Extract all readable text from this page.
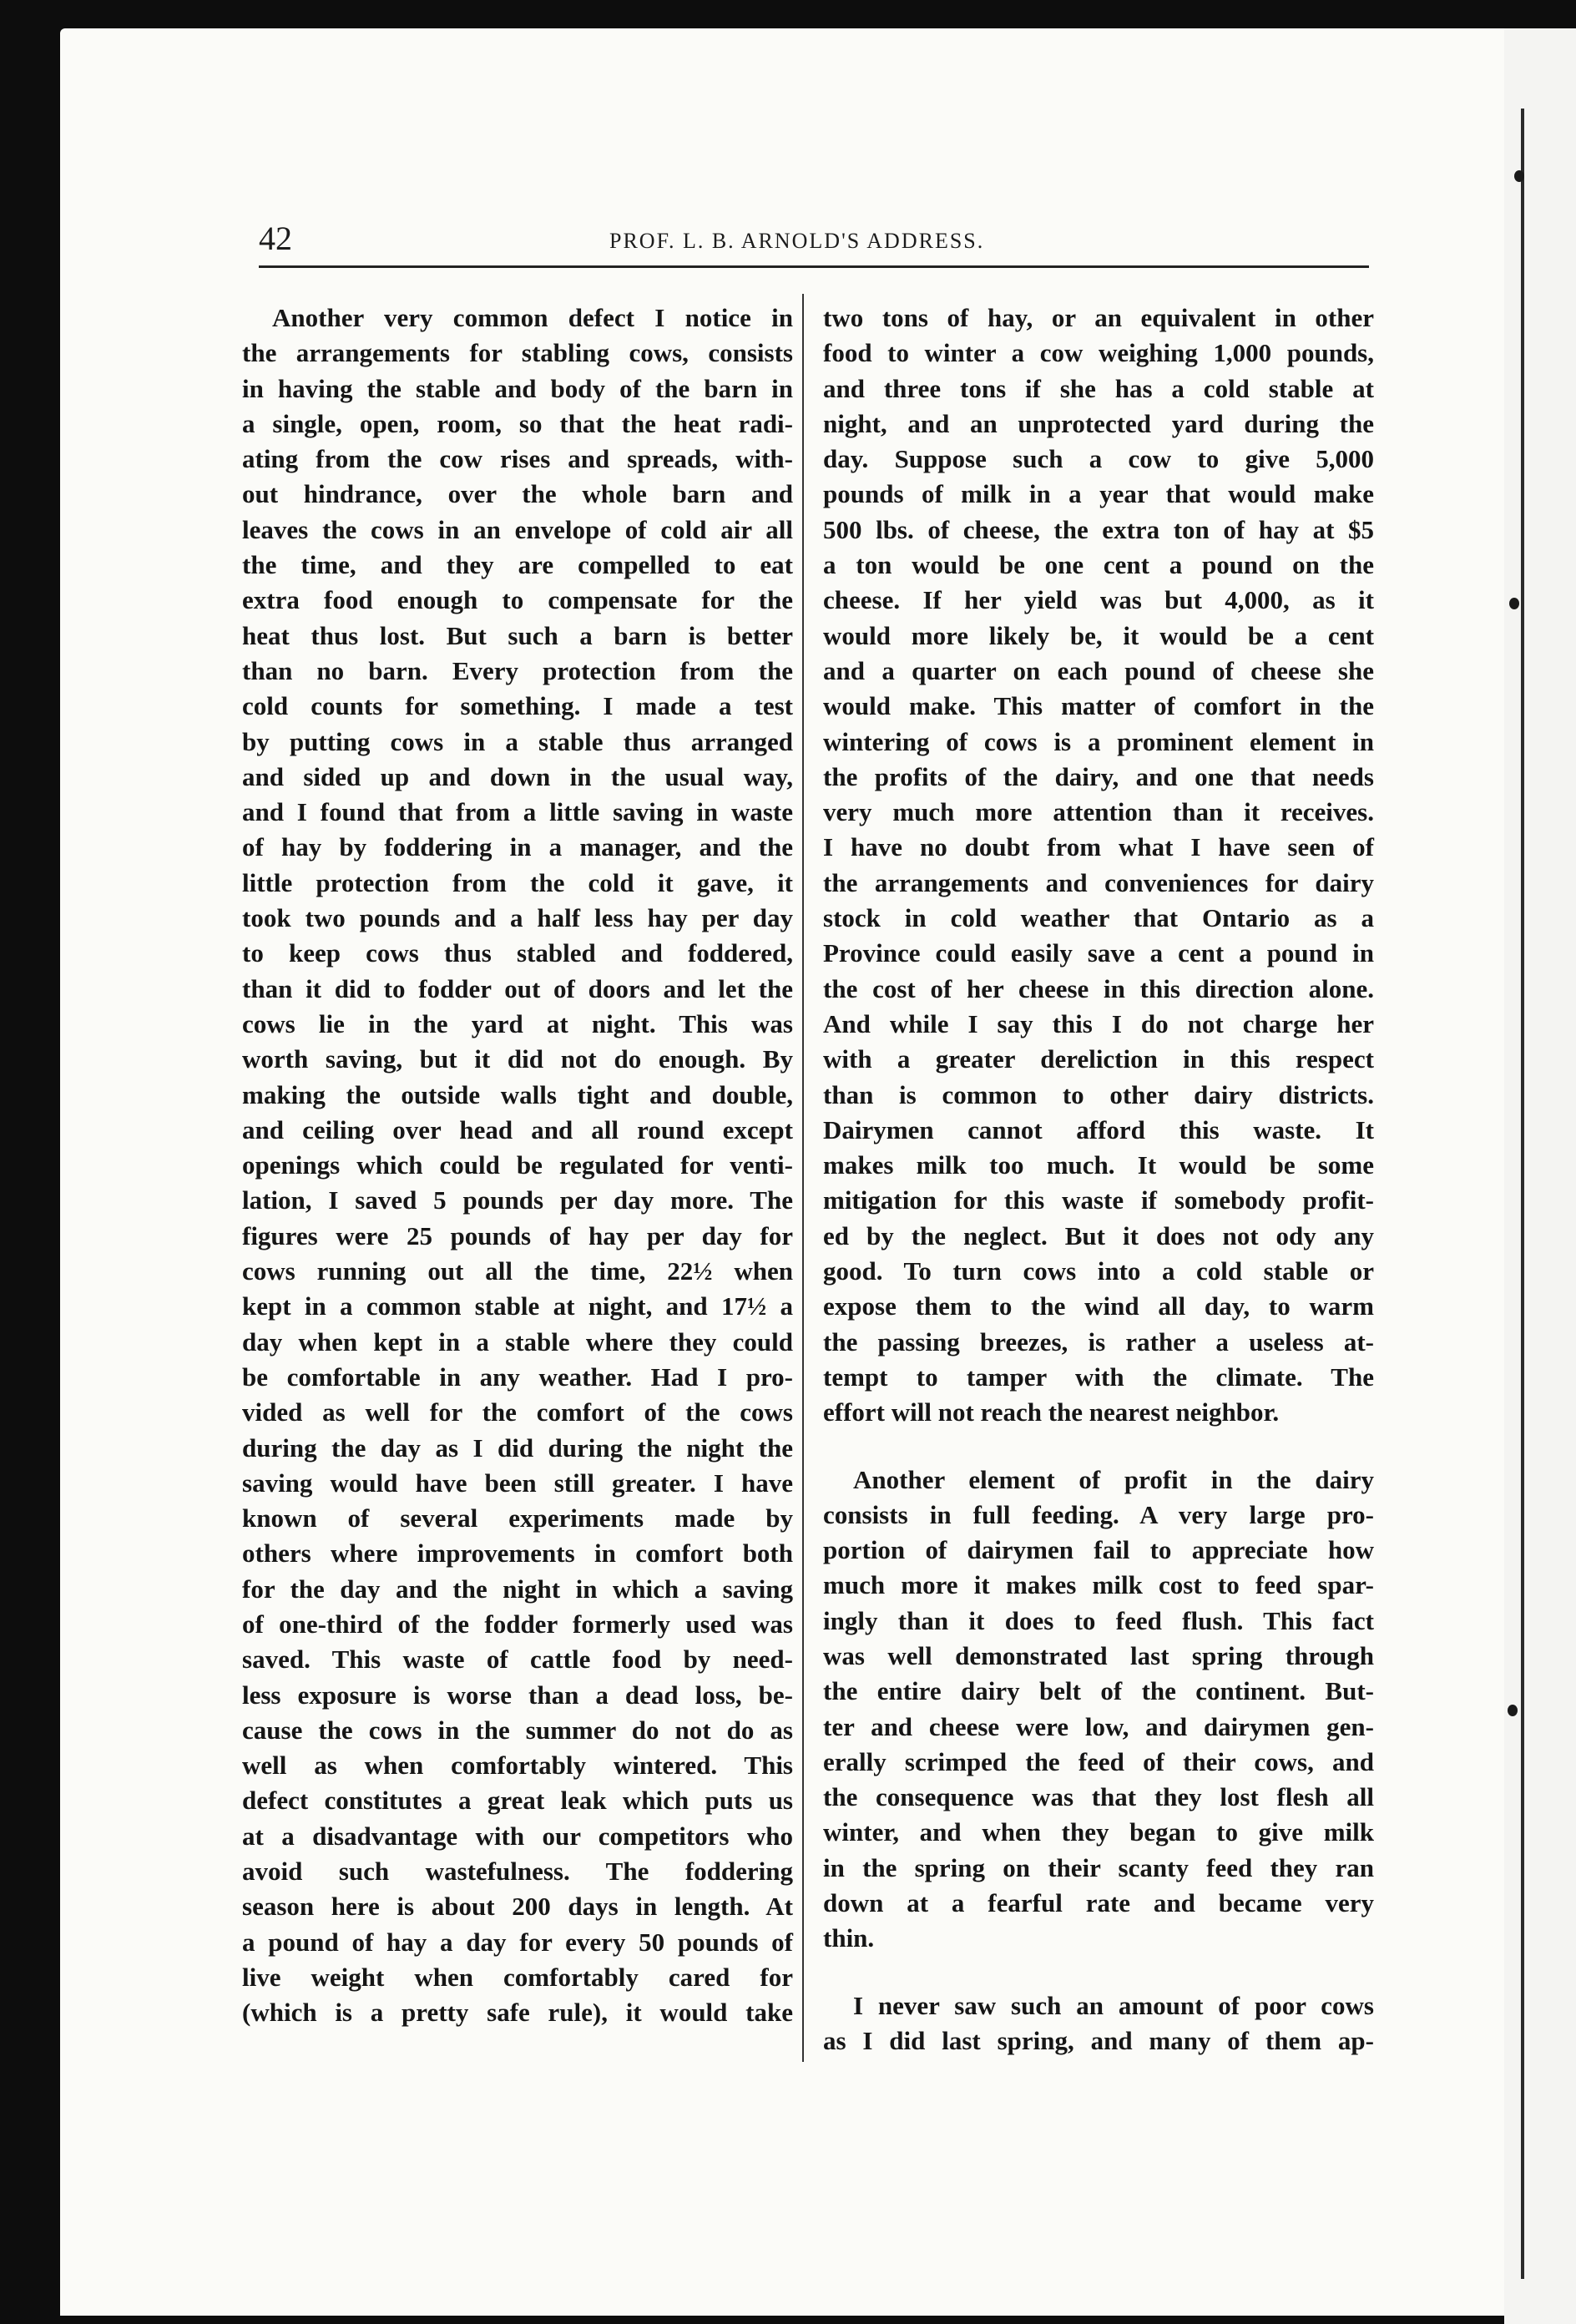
42	PROF. L. B. ARNOLD'S ADDRESS.
Another very common defect I notice in
the arrangements for stabling cows, consists
in having the stable and body of the barn in
a single, open, room, so that the heat radi-
ating from the cow rises and spreads, with-
out hindrance, over the whole barn and
leaves the cows in an envelope of cold air all
the time, and they are compelled to eat
extra food enough to compensate for the
heat thus lost. But such a barn is better
than no barn. Every protection from the
cold counts for something. I made a test
by putting cows in a stable thus arranged
and sided up and down in the usual way,
and I found that from a little saving in waste
of hay by foddering in a manager, and the
little protection from the cold it gave, it
took two pounds and a half less hay per day
to keep cows thus stabled and foddered,
than it did to fodder out of doors and let the
cows lie in the yard at night. This was
worth saving, but it did not do enough. By
making the outside walls tight and double,
and ceiling over head and all round except
openings which could be regulated for venti-
lation, I saved 5 pounds per day more. The
figures were 25 pounds of hay per day for
cows running out all the time, 22½ when
kept in a common stable at night, and 17½ a
day when kept in a stable where they could
be comfortable in any weather. Had I pro-
vided as well for the comfort of the cows
during the day as I did during the night the
saving would have been still greater. I have
known of several experiments made by
others where improvements in comfort both
for the day and the night in which a saving
of one-third of the fodder formerly used was
saved. This waste of cattle food by need-
less exposure is worse than a dead loss, be-
cause the cows in the summer do not do as
well as when comfortably wintered. This
defect constitutes a great leak which puts us
at a disadvantage with our competitors who
avoid such wastefulness. The foddering
season here is about 200 days in length. At
a pound of hay a day for every 50 pounds of
live weight when comfortably cared for
(which is a pretty safe rule), it would take
two tons of hay, or an equivalent in other
food to winter a cow weighing 1,000 pounds,
and three tons if she has a cold stable at
night, and an unprotected yard during the
day. Suppose such a cow to give 5,000
pounds of milk in a year that would make
500 lbs. of cheese, the extra ton of hay at $5
a ton would be one cent a pound on the
cheese. If her yield was but 4,000, as it
would more likely be, it would be a cent
and a quarter on each pound of cheese she
would make. This matter of comfort in the
wintering of cows is a prominent element in
the profits of the dairy, and one that needs
very much more attention than it receives.
I have no doubt from what I have seen of
the arrangements and conveniences for dairy
stock in cold weather that Ontario as a
Province could easily save a cent a pound in
the cost of her cheese in this direction alone.
And while I say this I do not charge her
with a greater dereliction in this respect
than is common to other dairy districts.
Dairymen cannot afford this waste. It
makes milk too much. It would be some
mitigation for this waste if somebody profit-
ed by the neglect. But it does not ody any
good. To turn cows into a cold stable or
expose them to the wind all day, to warm
the passing breezes, is rather a useless at-
tempt to tamper with the climate. The
effort will not reach the nearest neighbor.
Another element of profit in the dairy
consists in full feeding. A very large pro-
portion of dairymen fail to appreciate how
much more it makes milk cost to feed spar-
ingly than it does to feed flush. This fact
was well demonstrated last spring through
the entire dairy belt of the continent. But-
ter and cheese were low, and dairymen gen-
erally scrimped the feed of their cows, and
the consequence was that they lost flesh all
winter, and when they began to give milk
in the spring on their scanty feed they ran
down at a fearful rate and became very
thin.
I never saw such an amount of poor cows
as I did last spring, and many of them ap-
